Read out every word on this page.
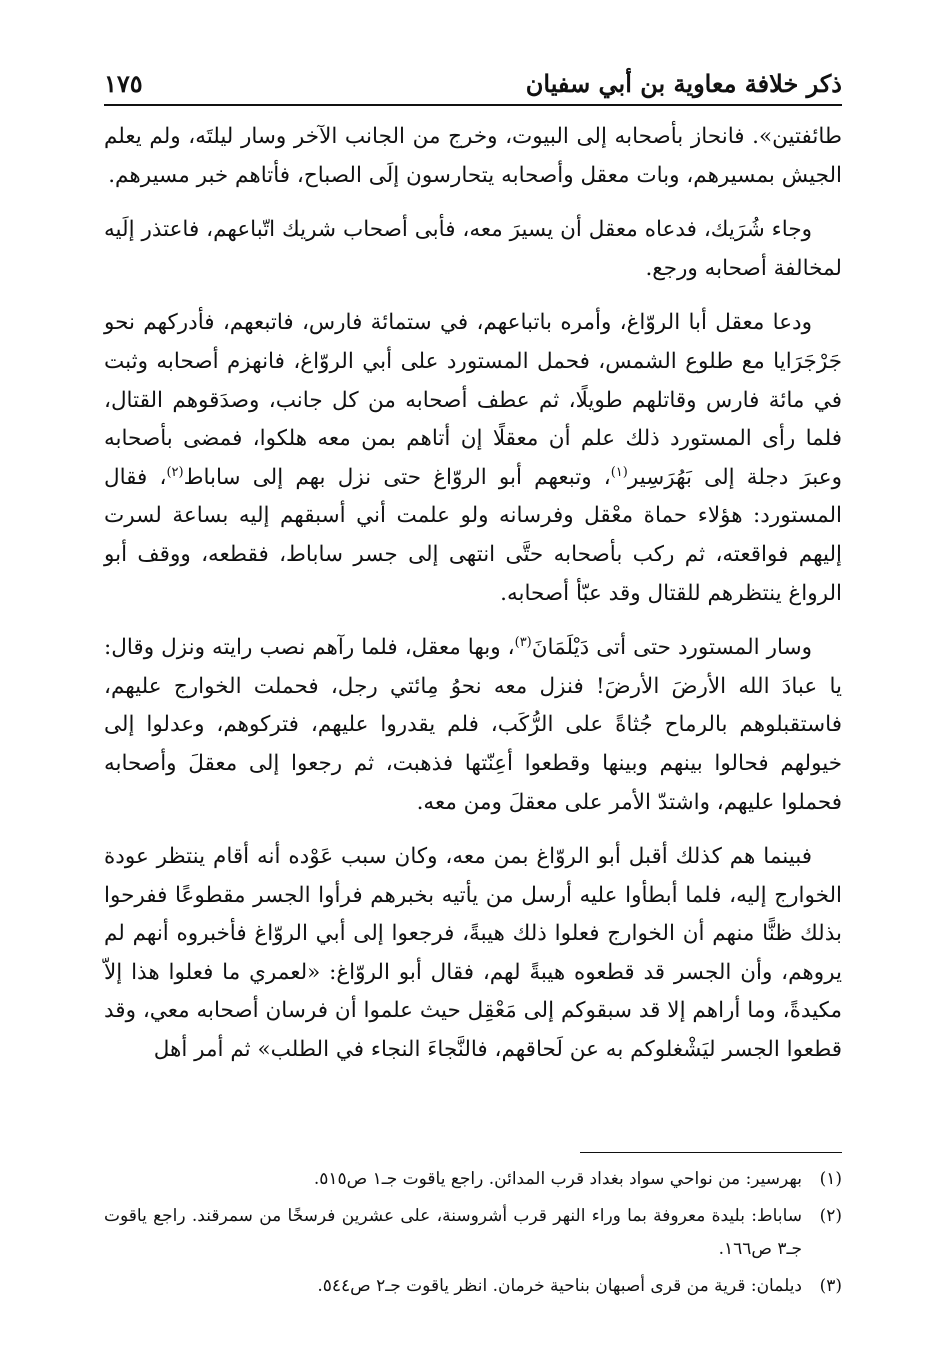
ذكر خلافة معاوية بن أبي سفيان
١٧٥

طائفتين». فانحاز بأصحابه إلى البيوت، وخرج من الجانب الآخر وسار ليلتَه، ولم يعلم الجيش بمسيرهم، وبات معقل وأصحابه يتحارسون إلَى الصباح، فأتاهم خبر مسيرهم.

وجاء شُرَيك، فدعاه معقل أن يسيرَ معه، فأبى أصحاب شريك اتّباعهم، فاعتذر إلَيه لمخالفة أصحابه ورجع.

ودعا معقل أبا الروّاغ، وأمره باتباعهم، في ستمائة فارس، فاتبعهم، فأدركهم نحو جَرْجَرَايا مع طلوع الشمس، فحمل المستورد على أبي الروّاغ، فانهزم أصحابه وثبت في مائة فارس وقاتلهم طويلًا، ثم عطف أصحابه من كل جانب، وصدَقوهم القتال، فلما رأى المستورد ذلك علم أن معقلًا إن أتاهم بمن معه هلكوا، فمضى بأصحابه وعبرَ دجلة إلى بَهُرَسِير$^{(١)}$، وتبعهم أبو الروّاغ حتى نزل بهم إلى ساباط$^{(٢)}$، فقال المستورد: هؤلاء حماة معْقل وفرسانه ولو علمت أني أسبقهم إليه بساعة لسرت إليهم فواقعته، ثم ركب بأصحابه حتَّى انتهى إلى جسر ساباط، فقطعه، ووقف أبو الرواغ ينتظرهم للقتال وقد عبّأ أصحابه.

وسار المستورد حتى أتى دَيْلَمَانَ$^{(٣)}$، وبها معقل، فلما رآهم نصب رايته ونزل وقال: يا عبادَ الله الأرضَ الأرضَ! فنزل معه نحوُ مِائتي رجل، فحملت الخوارج عليهم، فاستقبلوهم بالرماح جُثاةً على الرُّكَب، فلم يقدروا عليهم، فتركوهم، وعدلوا إلى خيولهم فحالوا بينهم وبينها وقطعوا أعِنّتها فذهبت، ثم رجعوا إلى معقلَ وأصحابه فحملوا عليهم، واشتدّ الأمر على معقلَ ومن معه.

فبينما هم كذلك أقبل أبو الروّاغ بمن معه، وكان سبب عَوْده أنه أقام ينتظر عودة الخوارج إليه، فلما أبطأوا عليه أرسل من يأتيه بخبرهم فرأوا الجسر مقطوعًا ففرحوا بذلك ظنًّا منهم أن الخوارج فعلوا ذلك هيبةً، فرجعوا إلى أبي الروّاغ فأخبروه أنهم لم يروهم، وأن الجسر قد قطعوه هيبةً لهم، فقال أبو الروّاغ: «لعمري ما فعلوا هذا إلاّ مكيدةً، وما أراهم إلا قد سبقوكم إلى مَعْقِل حيث علموا أن فرسان أصحابه معي، وقد قطعوا الجسر ليَشْغلوكم به عن لَحاقهم، فالنَّجاءَ النجاء في الطلب» ثم أمر أهل

(١)
بهرسير: من نواحي سواد بغداد قرب المدائن. راجع ياقوت جـ١ ص٥١٥.
(٢)
ساباط: بليدة معروفة بما وراء النهر قرب أشروسنة، على عشرين فرسخًا من سمرقند. راجع ياقوت جـ٣ ص١٦٦.
(٣)
ديلمان: قرية من قرى أصبهان بناحية خرمان. انظر ياقوت جـ٢ ص٥٤٤.
